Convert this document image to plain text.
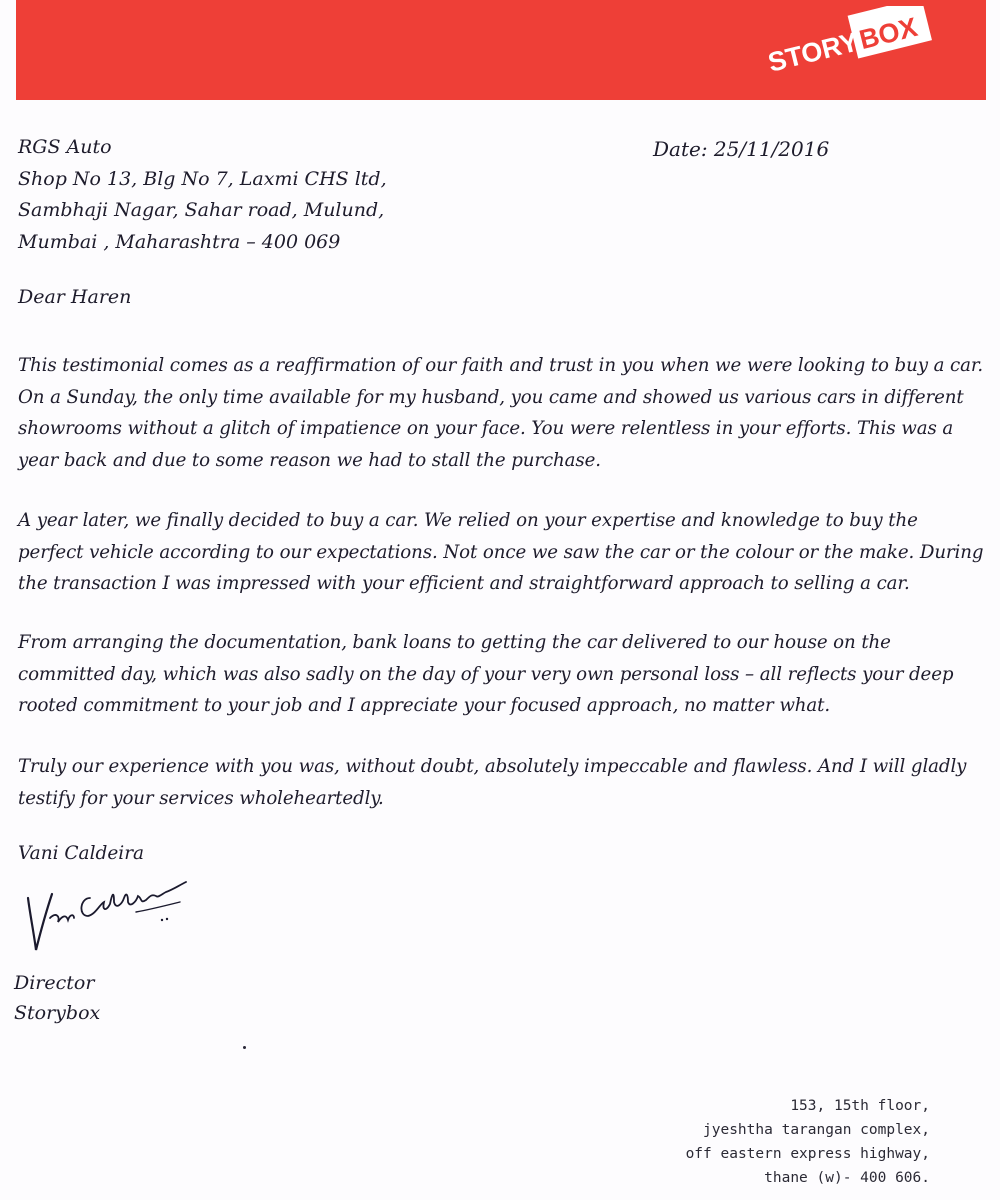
STORY
BOX
RGS Auto
Shop No 13, Blg No 7, Laxmi CHS ltd,
Sambhaji Nagar, Sahar road, Mulund,
Mumbai , Maharashtra – 400 069
Date: 25/11/2016
Dear Haren
This testimonial comes as a reaffirmation of our faith and trust in you when we were looking to buy a car. On a Sunday, the only time available for my husband, you came and showed us various cars in different showrooms without a glitch of impatience on your face. You were relentless in your efforts. This was a year back and due to some reason we had to stall the purchase.
A year later, we finally decided to buy a car. We relied on your expertise and knowledge to buy the perfect vehicle according to our expectations. Not once we saw the car or the colour or the make. During the transaction I was impressed with your efficient and straightforward approach to selling a car.
From arranging the documentation, bank loans to getting the car delivered to our house on the committed day, which was also sadly on the day of your very own personal loss – all reflects your deep rooted commitment to your job and I appreciate your focused approach, no matter what.
Truly our experience with you was, without doubt, absolutely impeccable and flawless. And I will gladly testify for your services wholeheartedly.
Vani Caldeira
Director
Storybox
153, 15th floor,
jyeshtha tarangan complex,
off eastern express highway,
thane (w)- 400 606.
